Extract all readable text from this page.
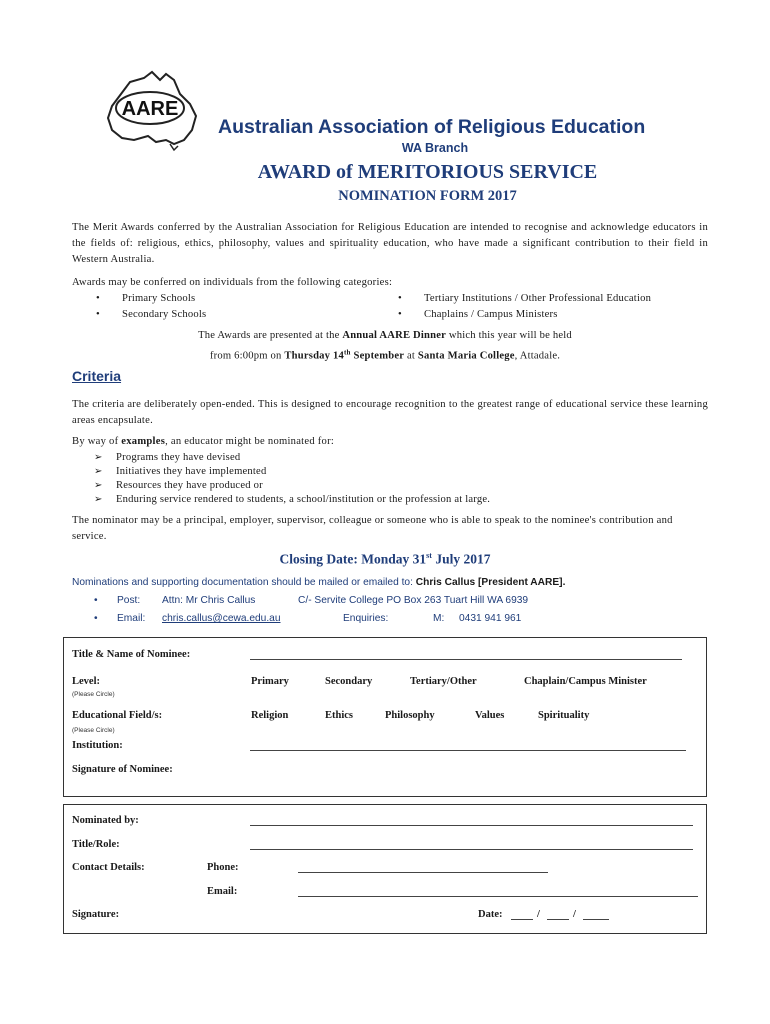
AARE
Australian Association of Religious Education
WA Branch
AWARD of MERITORIOUS SERVICE
NOMINATION FORM 2017
The Merit Awards conferred by the Australian Association for Religious Education are intended to recognise and acknowledge educators in the fields of: religious, ethics, philosophy, values and spirituality education, who have made a significant contribution to their field in Western Australia.
Awards may be conferred on individuals from the following categories:
•	Primary Schools
•	Secondary Schools
•	Tertiary Institutions / Other Professional Education
•	Chaplains / Campus Ministers
The Awards are presented at the Annual AARE Dinner which this year will be held
from 6:00pm on Thursday 14th September at Santa Maria College, Attadale.
Criteria
The criteria are deliberately open-ended. This is designed to encourage recognition to the greatest range of educational service these learning areas encapsulate.
By way of examples, an educator might be nominated for:
➢	Programs they have devised
➢	Initiatives they have implemented
➢	Resources they have produced or
➢	Enduring service rendered to students, a school/institution or the profession at large.
The nominator may be a principal, employer, supervisor, colleague or someone who is able to speak to the nominee's contribution and service.
Closing Date: Monday 31st July 2017
Nominations and supporting documentation should be mailed or emailed to: Chris Callus [President AARE].
• Post: Attn: Mr Chris Callus	C/- Servite College PO Box 263 Tuart Hill WA 6939
• Email: chris.callus@cewa.edu.au	Enquiries:	M: 0431 941 961
Title & Name of Nominee:
Level:
(Please Circle)
Primary	Secondary	Tertiary/Other	Chaplain/Campus Minister
Educational Field/s:
(Please Circle)
Religion	Ethics	Philosophy	Values	Spirituality
Institution:
Signature of Nominee:
Nominated by:
Title/Role:
Contact Details:	Phone:
Email:
Signature:	Date:	/	/
